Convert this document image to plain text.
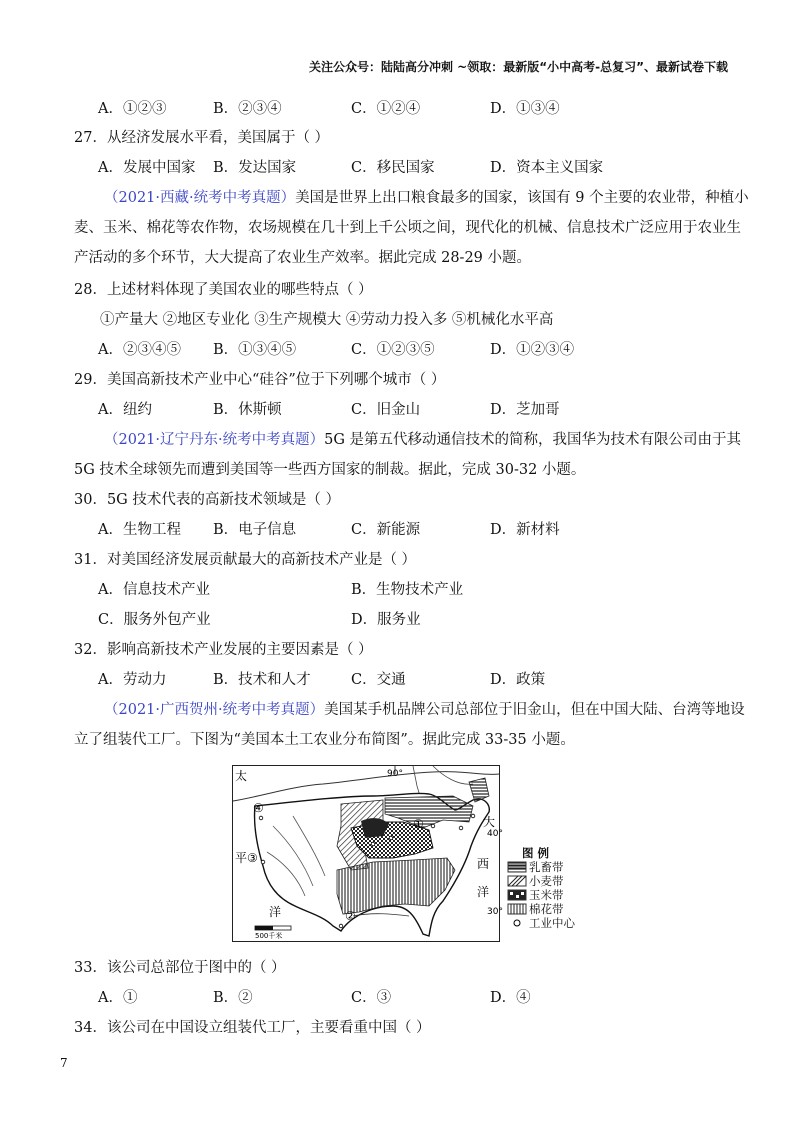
关注公众号：陆陆高分冲刺 ~领取：最新版“小中高考-总复习”、最新试卷下载
A．①②③	B．②③④	C．①②④	D．①③④
27．从经济发展水平看，美国属于（ ）
A．发展中国家 B．发达国家	C．移民国家	D．资本主义国家
（2021·西藏·统考中考真题）美国是世界上出口粮食最多的国家，该国有 9 个主要的农业带，种植小
麦、玉米、棉花等农作物，农场规模在几十到上千公顷之间，现代化的机械、信息技术广泛应用于农业生
产活动的多个环节，大大提高了农业生产效率。据此完成 28-29 小题。
28．上述材料体现了美国农业的哪些特点（ ）
①产量大 ②地区专业化 ③生产规模大 ④劳动力投入多 ⑤机械化水平高
A．②③④⑤ B．①③④⑤	C．①②③⑤	D．①②③④
29．美国高新技术产业中心“硅谷”位于下列哪个城市（ ）
A．纽约	B．休斯顿	C．旧金山	D．芝加哥
（2021·辽宁丹东·统考中考真题）5G 是第五代移动通信技术的简称，我国华为技术有限公司由于其
5G 技术全球领先而遭到美国等一些西方国家的制裁。据此，完成 30-32 小题。
30．5G 技术代表的高新技术领域是（ ）
A．生物工程 B．电子信息	C．新能源	D．新材料
31．对美国经济发展贡献最大的高新技术产业是（ ）
A．信息技术产业	B．生物技术产业
C．服务外包产业	D．服务业
32．影响高新技术产业发展的主要因素是（ ）
A．劳动力	B．技术和人才	C．交通	D．政策
（2021·广西贺州·统考中考真题）美国某手机品牌公司总部位于旧金山，但在中国大陆、台湾等地设
立了组装代工厂。下图为“美国本土工农业分布简图”。据此完成 33-35 小题。
90°
40°
30°
太
平
洋
大
西
洋
500千米
①
②
③
④
图 例
乳畜带
小麦带
玉米带
棉花带
工业中心
33．该公司总部位于图中的（ ）
A．①	B．②	C．③	D．④
34．该公司在中国设立组装代工厂，主要看重中国（ ）
7
